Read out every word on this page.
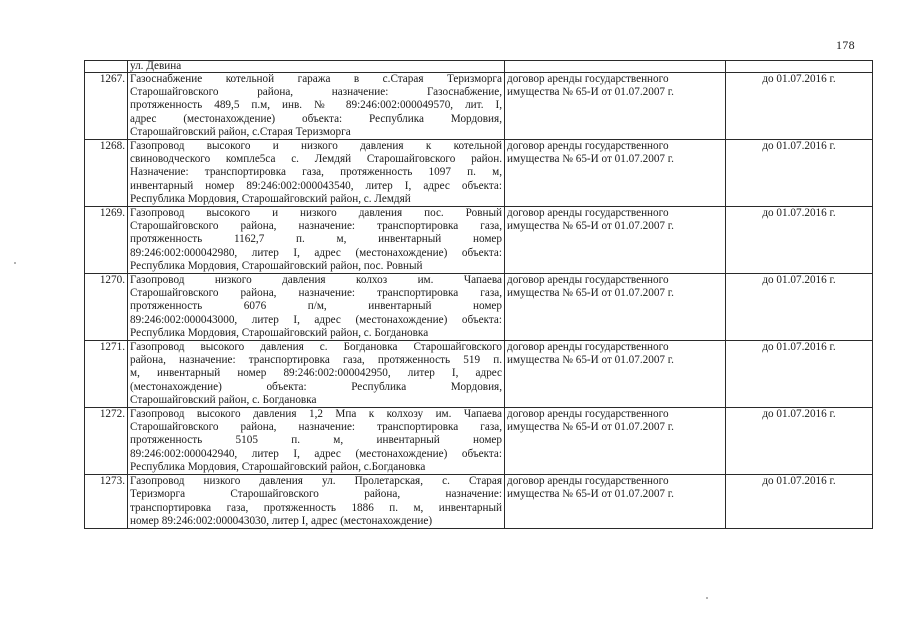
178
	ул. Девина		
1267.	Газоснабжение котельной гаража в с.Старая Теризморга
Старошайговского района, назначение: Газоснабжение,
протяженность 489,5 п.м, инв. № 89:246:002:000049570, лит. I,
адрес (местонахождение) объекта: Республика Мордовия,
Старошайговский район, с.Старая Теризморга	договор аренды государственного
имущества № 65-И от 01.07.2007 г.	до 01.07.2016 г.
1268.	Газопровод высокого и низкого давления к котельной
свиноводческого компле5са с. Лемдяй Старошайговского район.
Назначение: транспортировка газа, протяженность 1097 п. м,
инвентарный номер 89:246:002:000043540, литер I, адрес объекта:
Республика Мордовия, Старошайговский район, с. Лемдяй	договор аренды государственного
имущества № 65-И от 01.07.2007 г.	до 01.07.2016 г.
1269.	Газопровод высокого и низкого давления пос. Ровный
Старошайговского района, назначение: транспортировка газа,
протяженность 1162,7 п. м, инвентарный номер
89:246:002:000042980, литер I, адрес (местонахождение) объекта:
Республика Мордовия, Старошайговский район, пос. Ровный	договор аренды государственного
имущества № 65-И от 01.07.2007 г.	до 01.07.2016 г.
1270.	Газопровод низкого давления колхоз им. Чапаева
Старошайговского района, назначение: транспортировка газа,
протяженность 6076 п/м, инвентарный номер
89:246:002:000043000, литер I, адрес (местонахождение) объекта:
Республика Мордовия, Старошайговский район, с. Богдановка	договор аренды государственного
имущества № 65-И от 01.07.2007 г.	до 01.07.2016 г.
1271.	Газопровод высокого давления с. Богдановка Старошайговского
района, назначение: транспортировка газа, протяженность 519 п.
м, инвентарный номер 89:246:002:000042950, литер I, адрес
(местонахождение) объекта: Республика Мордовия,
Старошайговский район, с. Богдановка	договор аренды государственного
имущества № 65-И от 01.07.2007 г.	до 01.07.2016 г.
1272.	Газопровод высокого давления 1,2 Мпа к колхозу им. Чапаева
Старошайговского района, назначение: транспортировка газа,
протяженность 5105 п. м, инвентарный номер
89:246:002:000042940, литер I, адрес (местонахождение) объекта:
Республика Мордовия, Старошайговский район, с.Богдановка	договор аренды государственного
имущества № 65-И от 01.07.2007 г.	до 01.07.2016 г.
1273.	Газопровод низкого давления ул. Пролетарская, с. Старая
Теризморга Старошайговского района, назначение:
транспортировка газа, протяженность 1886 п. м, инвентарный
номер 89:246:002:000043030, литер I, адрес (местонахождение)	договор аренды государственного
имущества № 65-И от 01.07.2007 г.	до 01.07.2016 г.
